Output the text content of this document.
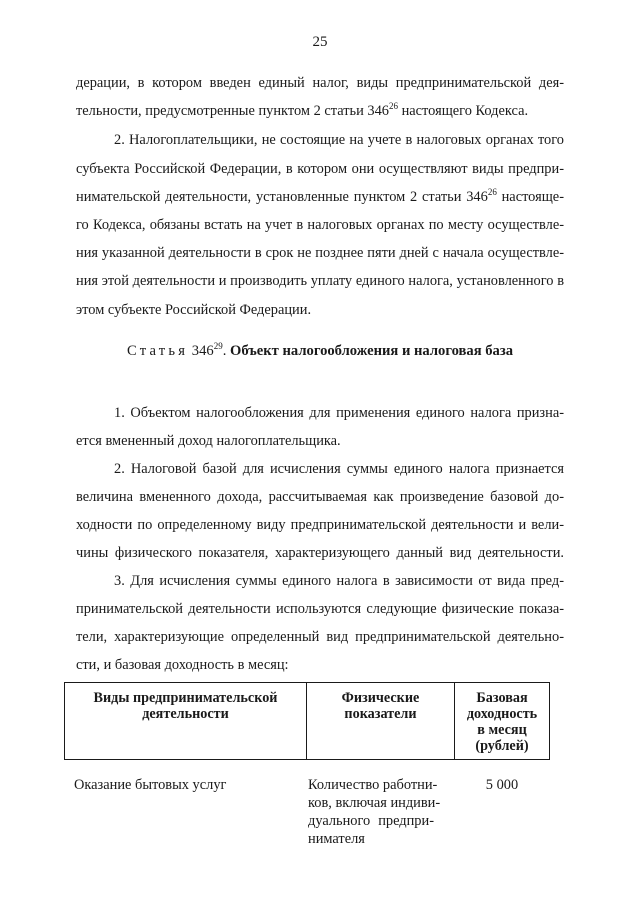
25
дерации, в котором введен единый налог, виды предпринимательской дея-
тельности, предусмотренные пунктом 2 статьи $346^{26}$ настоящего Кодекса.
2. Налогоплательщики, не состоящие на учете в налоговых органах того
субъекта Российской Федерации, в котором они осуществляют виды предпри-
нимательской деятельности, установленные пунктом 2 статьи $346^{26}$ настояще-
го Кодекса, обязаны встать на учет в налоговых органах по месту осуществле-
ния указанной деятельности в срок не позднее пяти дней с начала осуществле-
ния этой деятельности и производить уплату единого налога, установленного в
этом субъекте Российской Федерации.
Статья $346^{29}$. Объект налогообложения и налоговая база
1. Объектом налогообложения для применения единого налога призна-
ется вмененный доход налогоплательщика.
2. Налоговой базой для исчисления суммы единого налога признается
величина вмененного дохода, рассчитываемая как произведение базовой до-
ходности по определенному виду предпринимательской деятельности и вели-
чины физического показателя, характеризующего данный вид деятельности.
3. Для исчисления суммы единого налога в зависимости от вида пред-
принимательской деятельности используются следующие физические показа-
тели, характеризующие определенный вид предпринимательской деятельно-
сти, и базовая доходность в месяц:
Виды предпринимательской
деятельности
Физические
показатели
Базовая
доходность
в месяц
(рублей)
Оказание бытовых услуг	Количество работни-
ков, включая индиви-
дуального предпри-
нимателя
5 000
